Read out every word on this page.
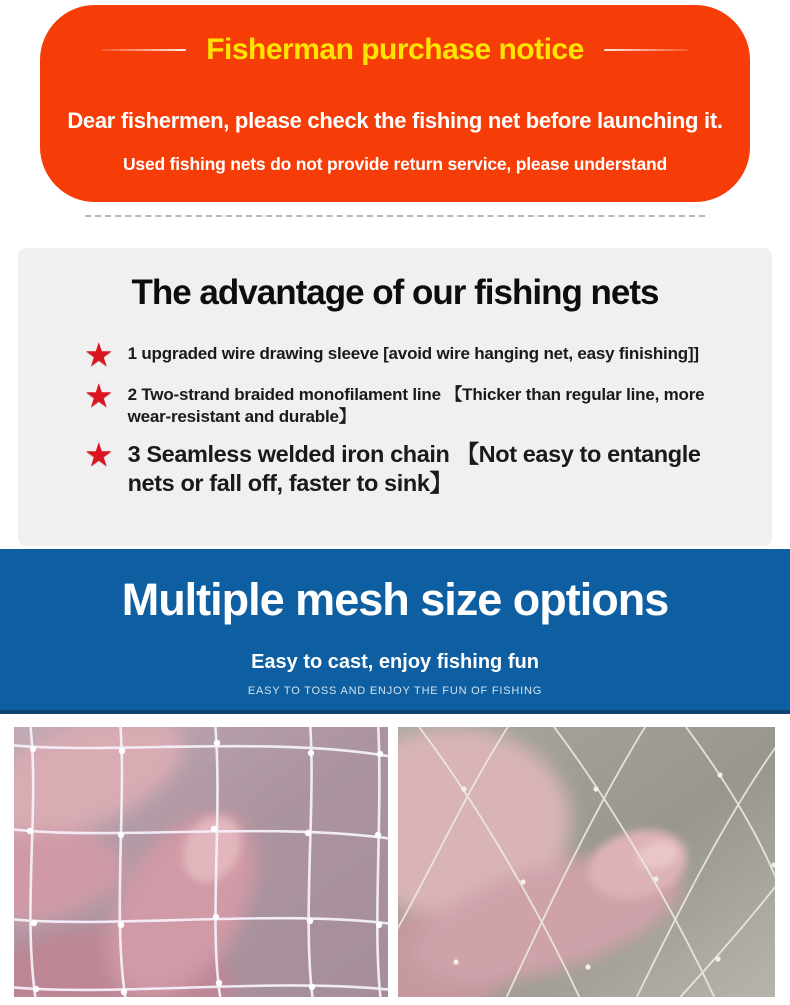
Fisherman purchase notice
Dear fishermen, please check the fishing net before launching it.
Used fishing nets do not provide return service, please understand
The advantage of our fishing nets
★ 1 upgraded wire drawing sleeve [avoid wire hanging net, easy finishing]]
★ 2 Two-strand braided monofilament line 【Thicker than regular line, more wear-resistant and durable】
★ 3 Seamless welded iron chain 【Not easy to entangle nets or fall off, faster to sink】
Multiple mesh size options
Easy to cast, enjoy fishing fun
EASY TO TOSS AND ENJOY THE FUN OF FISHING
